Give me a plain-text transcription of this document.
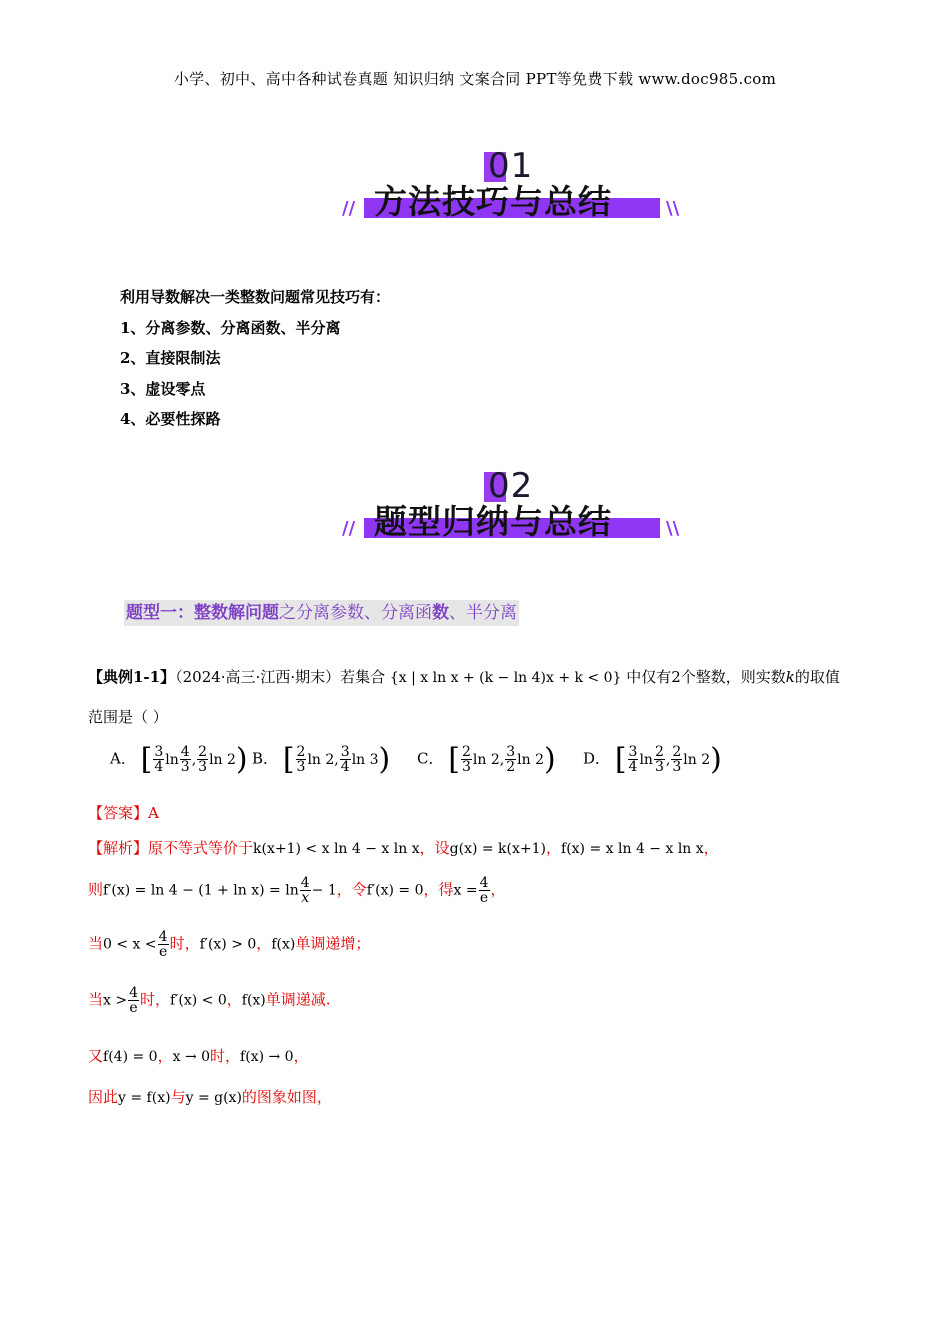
小学、初中、高中各种试卷真题 知识归纳 文案合同 PPT等免费下载 www.doc985.com
01
方法技巧与总结
//	\\
利用导数解决一类整数问题常见技巧有：
1、分离参数、分离函数、半分离
2、直接限制法
3、虚设零点
4、必要性探路
02
题型归纳与总结
//	\\
题型一：整数解问题之分离参数、分离函数、半分离
【典例1-1】（2024·高三·江西·期末）若集合 {x | x ln x + (k − ln 4)x + k < 0} 中仅有2个整数，则实数k的取值
范围是（ ）
A． [ $\frac{3}{4}$ $\ln \frac{4}{3}$ , $\frac{2}{3}$ ln 2) B． [ $\frac{2}{3}$ ln 2, $\frac{3}{4}$ ln 3) C． [ $\frac{2}{3}$ ln 2, $\frac{3}{2}$ ln 2) D． [ $\frac{3}{4}$ $\ln \frac{2}{3}$ , $\frac{2}{3}$ ln 2)
【答案】A
【解析】原不等式等价于k(x+1) < x ln 4 − x ln x，设g(x) = k(x+1)，f(x) = x ln 4 − x ln x，
则$f'(x) = \ln 4 - (1 + \ln x) = \ln \frac{4}{x} - 1$，令f′(x) = 0，得$x = \frac{4}{e}$ ，
当$0 < x < \frac{4}{e}$ 时，f′(x) > 0，f(x)单调递增；
当$x > \frac{4}{e}$ 时，f′(x) < 0，f(x)单调递减.
又f(4) = 0，x → 0时，f(x) → 0，
因此y = f(x)与y = g(x)的图象如图，
